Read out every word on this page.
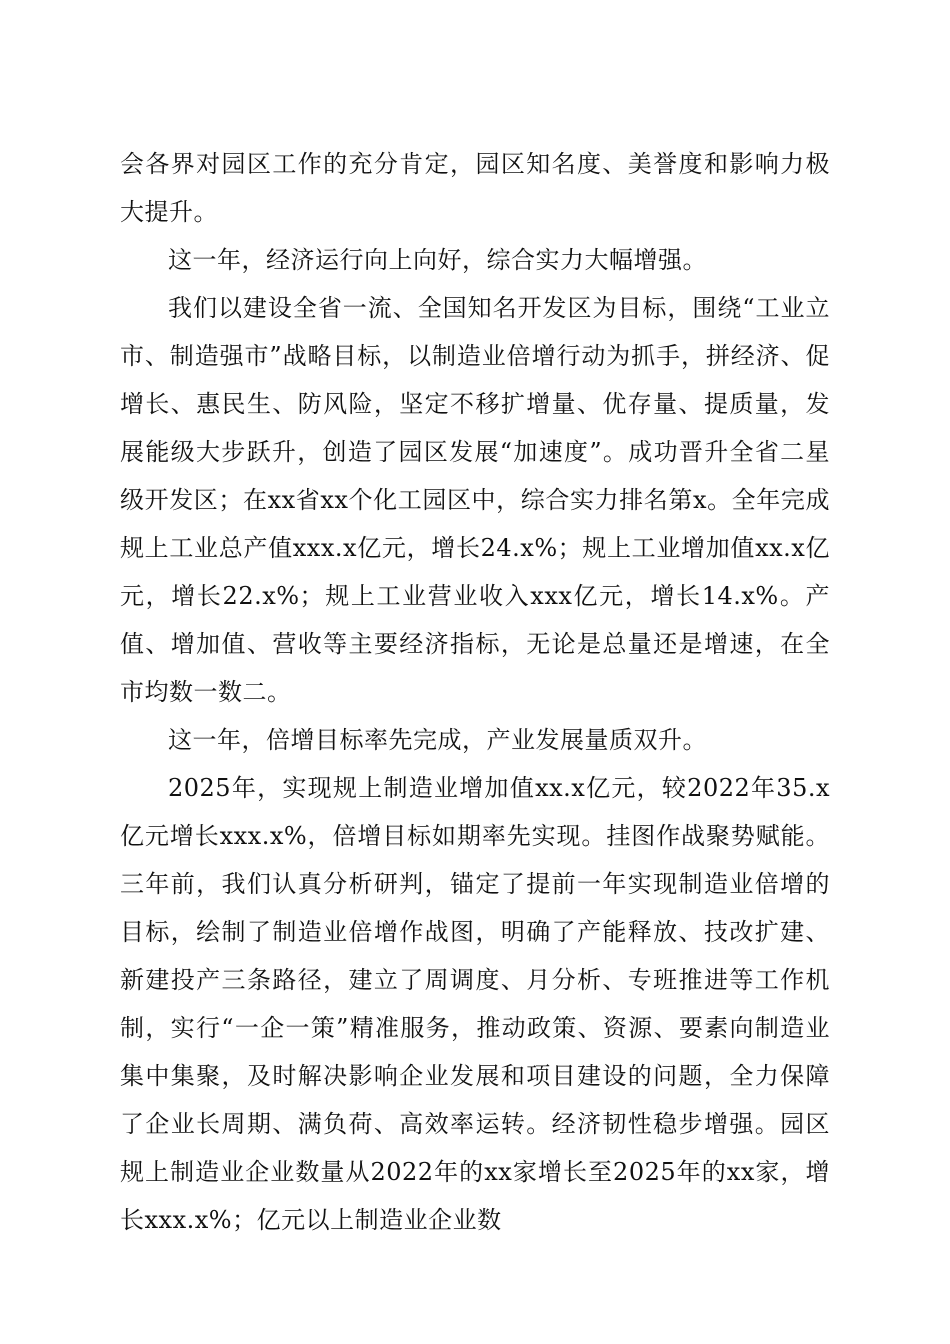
会各界对园区工作的充分肯定，园区知名度、美誉度和影响力极大提升。

这一年，经济运行向上向好，综合实力大幅增强。

我们以建设全省一流、全国知名开发区为目标，围绕“工业立市、制造强市”战略目标，以制造业倍增行动为抓手，拼经济、促增长、惠民生、防风险，坚定不移扩增量、优存量、提质量，发展能级大步跃升，创造了园区发展“加速度”。成功晋升全省二星级开发区；在xx省xx个化工园区中，综合实力排名第x。全年完成规上工业总产值xxx.x亿元，增长24.x%；规上工业增加值xx.x亿元，增长22.x%；规上工业营业收入xxx亿元，增长14.x%。产值、增加值、营收等主要经济指标，无论是总量还是增速，在全市均数一数二。

这一年，倍增目标率先完成，产业发展量质双升。

2025年，实现规上制造业增加值xx.x亿元，较2022年35.x亿元增长xxx.x%，倍增目标如期率先实现。挂图作战聚势赋能。三年前，我们认真分析研判，锚定了提前一年实现制造业倍增的目标，绘制了制造业倍增作战图，明确了产能释放、技改扩建、新建投产三条路径，建立了周调度、月分析、专班推进等工作机制，实行“一企一策”精准服务，推动政策、资源、要素向制造业集中集聚，及时解决影响企业发展和项目建设的问题，全力保障了企业长周期、满负荷、高效率运转。经济韧性稳步增强。园区规上制造业企业数量从2022年的xx家增长至2025年的xx家，增长xxx.x%；亿元以上制造业企业数
